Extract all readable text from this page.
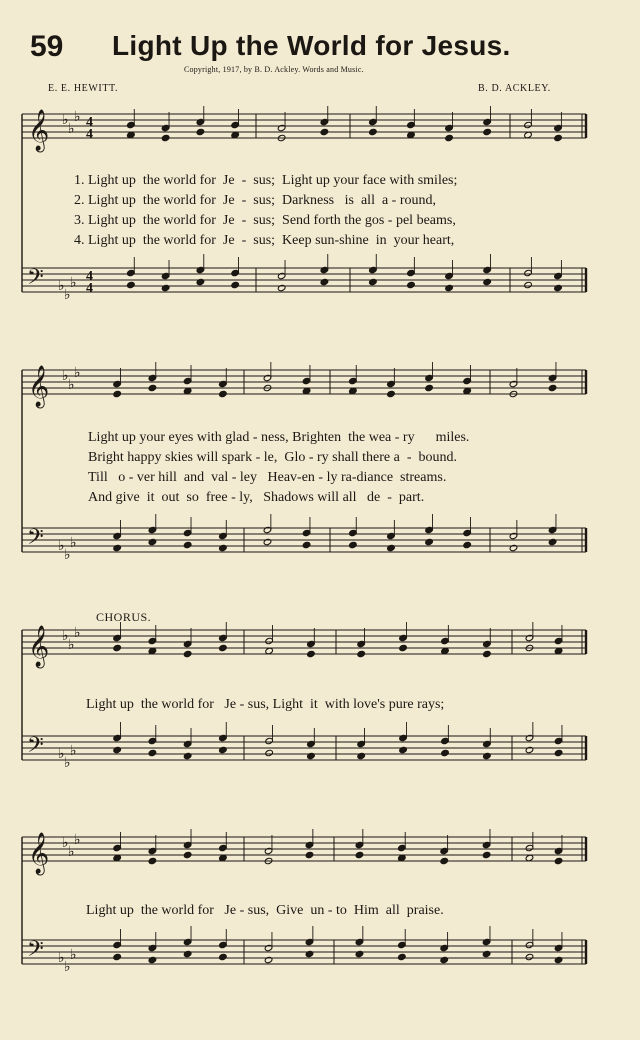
59 Light Up the World for Jesus.
Copyright, 1917, by B. D. Ackley. Words and Music.
E. E. HEWITT.	B. D. ACKLEY.
CHORUS.
1. Light up  the world for  Je  -  sus;  Light up your face with smiles;
2. Light up  the world for  Je  -  sus;  Darkness   is  all  a - round,
3. Light up  the world for  Je  -  sus;  Send forth the gos - pel beams,
4. Light up  the world for  Je  -  sus;  Keep sun-shine  in  your heart,
Light up your eyes with glad - ness, Brighten  the wea - ry      miles.
Bright happy skies will spark - le,  Glo - ry shall there a  -  bound.
Till   o - ver hill  and  val - ley   Heav-en - ly ra-diance  streams.
And give  it  out  so  free - ly,   Shadows will all   de  -  part.
Light up  the world for   Je - sus, Light  it  with love's pure rays;
Light up  the world for   Je - sus,  Give  un - to  Him  all  praise.
𝄞
𝄢
♭
♭
♭
♭
♭
♭
4
4
4
4
𝄞
𝄢
♭
♭
♭
♭
♭
♭
𝄞
𝄢
♭
♭
♭
♭
♭
♭
𝄞
𝄢
♭
♭
♭
♭
♭
♭
